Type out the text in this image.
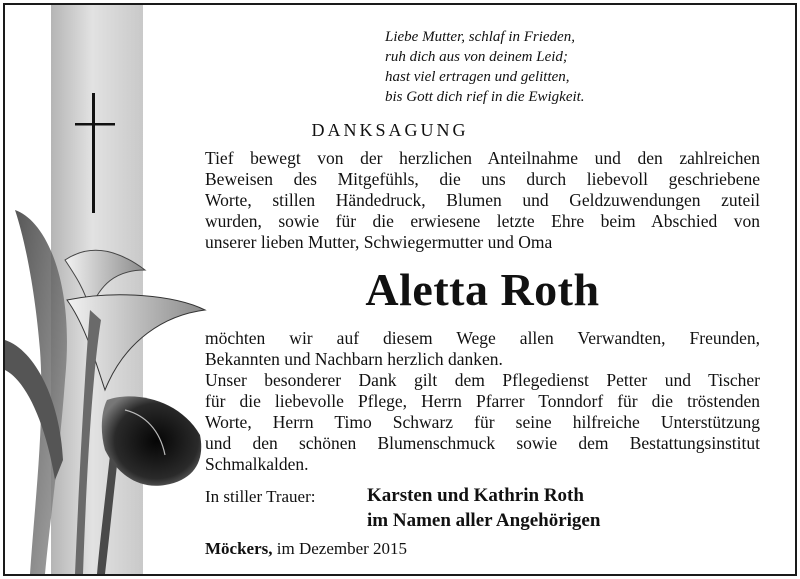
Liebe Mutter, schlaf in Frieden,
ruh dich aus von deinem Leid;
hast viel ertragen und gelitten,
bis Gott dich rief in die Ewigkeit.
DANKSAGUNG
Tief bewegt von der herzlichen Anteilnahme und den zahlreichen
Beweisen des Mitgefühls, die uns durch liebevoll geschriebene
Worte, stillen Händedruck, Blumen und Geldzuwendungen zuteil
wurden, sowie für die erwiesene letzte Ehre beim Abschied von
unserer lieben Mutter, Schwiegermutter und Oma
Aletta Roth
möchten wir auf diesem Wege allen Verwandten, Freunden,
Bekannten und Nachbarn herzlich danken.
Unser besonderer Dank gilt dem Pflegedienst Petter und Tischer
für die liebevolle Pflege, Herrn Pfarrer Tonndorf für die tröstenden
Worte, Herrn Timo Schwarz für seine hilfreiche Unterstützung
und den schönen Blumenschmuck sowie dem Bestattungsinstitut
Schmalkalden.
In stiller Trauer:	Karsten und Kathrin Roth
im Namen aller Angehörigen
Möckers, im Dezember 2015
